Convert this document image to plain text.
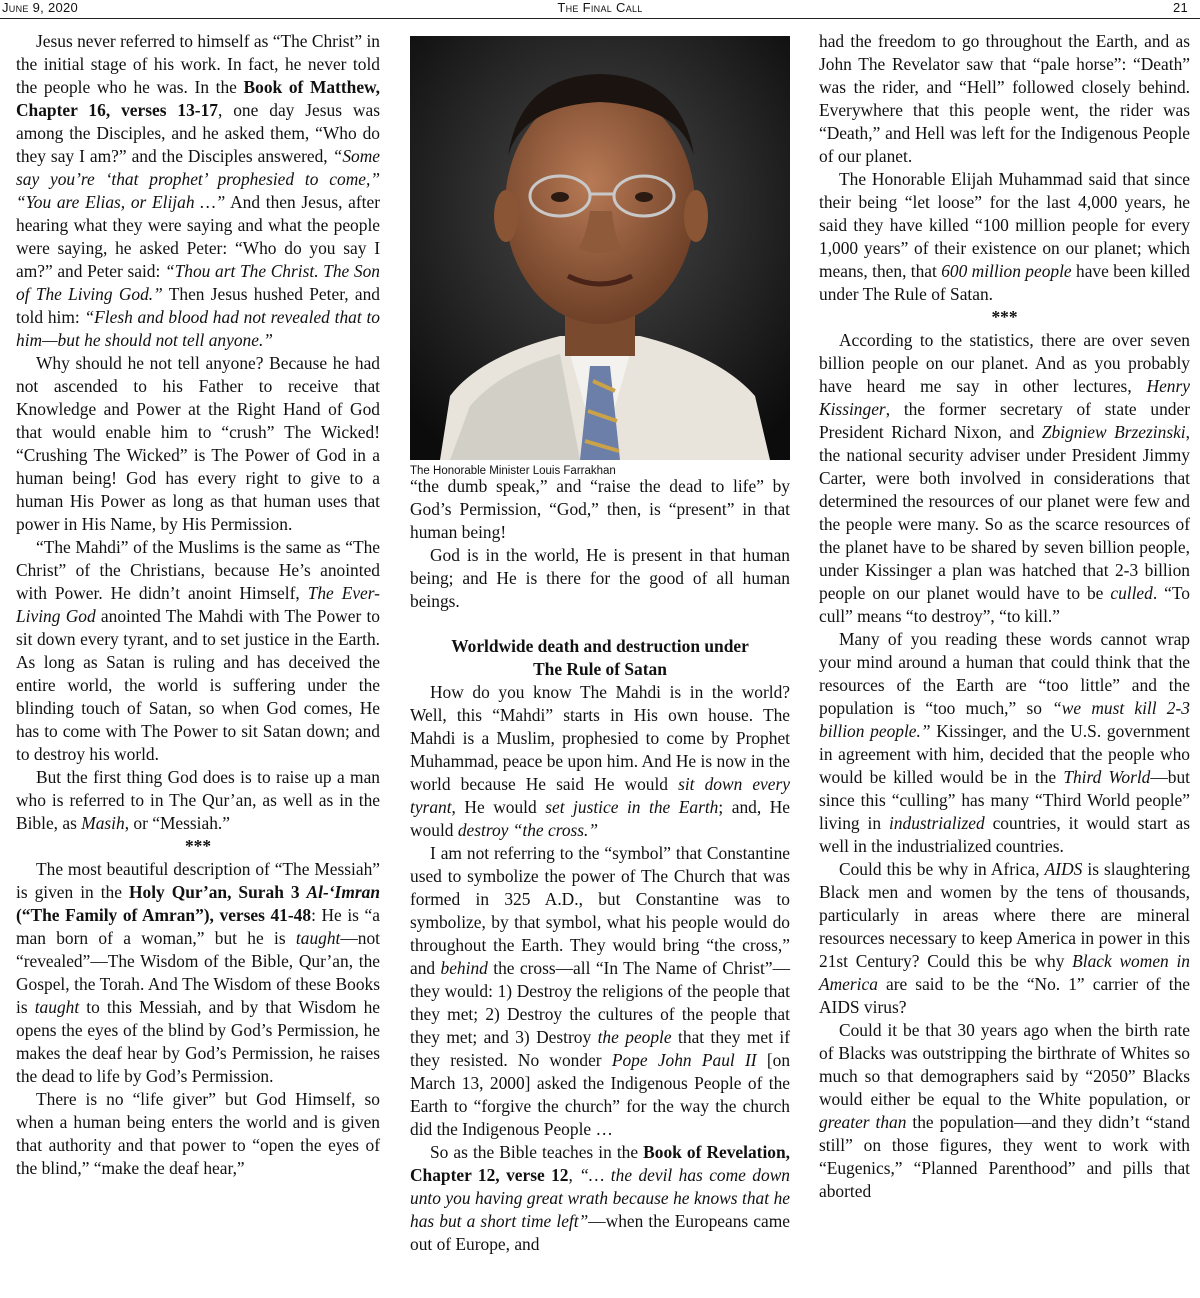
June 9, 2020	The Final Call	21
The Honorable Minister Louis Farrakhan

Jesus never referred to himself as “The Christ” in the initial stage of his work. In fact, he never told the people who he was. In the Book of Matthew, Chapter 16, verses 13-17, one day Jesus was among the Disciples, and he asked them, “Who do they say I am?” and the Disciples answered, “Some say you’re ‘that prophet’ prophesied to come,” “You are Elias, or Elijah …” And then Jesus, after hearing what they were saying and what the people were saying, he asked Peter: “Who do you say I am?” and Peter said: “Thou art The Christ. The Son of The Living God.” Then Jesus hushed Peter, and told him: “Flesh and blood had not revealed that to him—but he should not tell anyone.”

Why should he not tell anyone? Because he had not ascended to his Father to receive that Knowledge and Power at the Right Hand of God that would enable him to “crush” The Wicked! “Crushing The Wicked” is The Power of God in a human being! God has every right to give to a human His Power as long as that human uses that power in His Name, by His Permission.

“The Mahdi” of the Muslims is the same as “The Christ” of the Christians, because He’s anointed with Power. He didn’t anoint Himself, The Ever-Living God anointed The Mahdi with The Power to sit down every tyrant, and to set justice in the Earth. As long as Satan is ruling and has deceived the entire world, the world is suffering under the blinding touch of Satan, so when God comes, He has to come with The Power to sit Satan down; and to destroy his world.

But the first thing God does is to raise up a man who is referred to in The Qur’an, as well as in the Bible, as Masih, or “Messiah.”

***

The most beautiful description of “The Messiah” is given in the Holy Qur’an, Surah 3 Al-‘Imran (“The Family of Amran”), verses 41-48: He is “a man born of a woman,” but he is taught—not “revealed”—The Wisdom of the Bible, Qur’an, the Gospel, the Torah. And The Wisdom of these Books is taught to this Messiah, and by that Wisdom he opens the eyes of the blind by God’s Permission, he makes the deaf hear by God’s Permission, he raises the dead to life by God’s Permission.

There is no “life giver” but God Himself, so when a human being enters the world and is given that authority and that power to “open the eyes of the blind,” “make the deaf hear,”

“the dumb speak,” and “raise the dead to life” by God’s Permission, “God,” then, is “present” in that human being!

God is in the world, He is present in that human being; and He is there for the good of all human beings.

Worldwide death and destruction under
The Rule of Satan

How do you know The Mahdi is in the world? Well, this “Mahdi” starts in His own house. The Mahdi is a Muslim, prophesied to come by Prophet Muhammad, peace be upon him. And He is now in the world because He said He would sit down every tyrant, He would set justice in the Earth; and, He would destroy “the cross.”

I am not referring to the “symbol” that Constantine used to symbolize the power of The Church that was formed in 325 A.D., but Constantine was to symbolize, by that symbol, what his people would do throughout the Earth. They would bring “the cross,” and behind the cross—all “In The Name of Christ”—they would: 1) Destroy the religions of the people that they met; 2) Destroy the cultures of the people that they met; and 3) Destroy the people that they met if they resisted. No wonder Pope John Paul II [on March 13, 2000] asked the Indigenous People of the Earth to “forgive the church” for the way the church did the Indigenous People …

So as the Bible teaches in the Book of Revelation, Chapter 12, verse 12, “… the devil has come down unto you having great wrath because he knows that he has but a short time left”—when the Europeans came out of Europe, and

had the freedom to go throughout the Earth, and as John The Revelator saw that “pale horse”: “Death” was the rider, and “Hell” followed closely behind. Everywhere that this people went, the rider was “Death,” and Hell was left for the Indigenous People of our planet.

The Honorable Elijah Muhammad said that since their being “let loose” for the last 4,000 years, he said they have killed “100 million people for every 1,000 years” of their existence on our planet; which means, then, that 600 million people have been killed under The Rule of Satan.

***

According to the statistics, there are over seven billion people on our planet. And as you probably have heard me say in other lectures, Henry Kissinger, the former secretary of state under President Richard Nixon, and Zbigniew Brzezinski, the national security adviser under President Jimmy Carter, were both involved in considerations that determined the resources of our planet were few and the people were many. So as the scarce resources of the planet have to be shared by seven billion people, under Kissinger a plan was hatched that 2-3 billion people on our planet would have to be culled. “To cull” means “to destroy”, “to kill.”

Many of you reading these words cannot wrap your mind around a human that could think that the resources of the Earth are “too little” and the population is “too much,” so “we must kill 2-3 billion people.” Kissinger, and the U.S. government in agreement with him, decided that the people who would be killed would be in the Third World—but since this “culling” has many “Third World people” living in industrialized countries, it would start as well in the industrialized countries.

Could this be why in Africa, AIDS is slaughtering Black men and women by the tens of thousands, particularly in areas where there are mineral resources necessary to keep America in power in this 21st Century? Could this be why Black women in America are said to be the “No. 1” carrier of the AIDS virus?

Could it be that 30 years ago when the birth rate of Blacks was outstripping the birthrate of Whites so much so that demographers said by “2050” Blacks would either be equal to the White population, or greater than the population—and they didn’t “stand still” on those figures, they went to work with “Eugenics,” “Planned Parenthood” and pills that aborted
